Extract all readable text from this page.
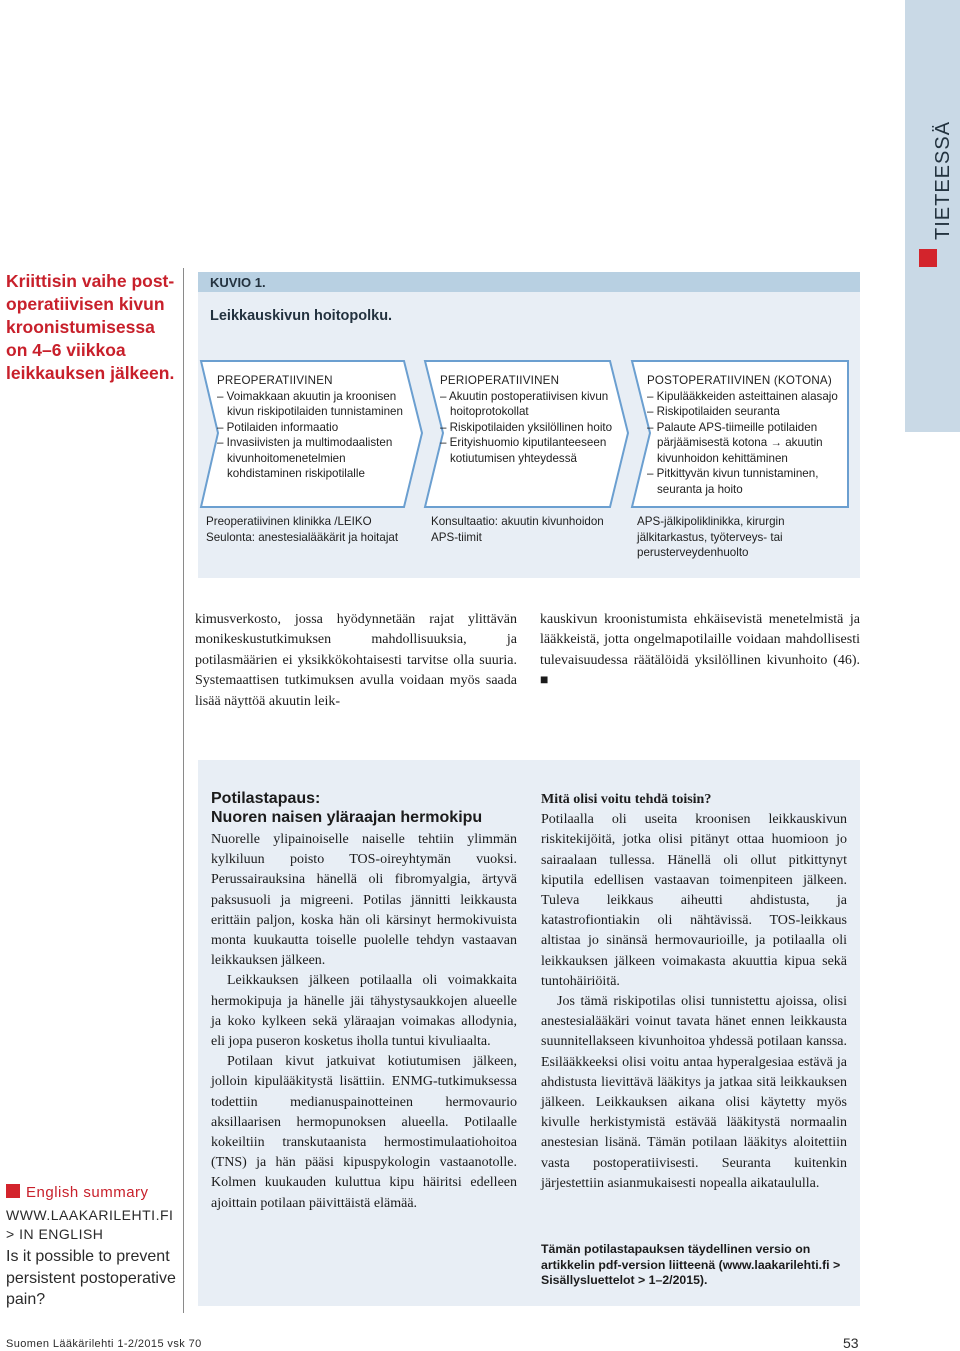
TIETEESSÄ
Kriittisin vaihe postoperatiivisen kivun kroonistumisessa on 4–6 viikkoa leikkauksen jälkeen.
KUVIO 1.
Leikkauskivun hoitopolku.
PREOPERATIIVINEN
– Voimakkaan akuutin ja kroonisen kivun riskipotilaiden tunnistaminen
– Potilaiden informaatio
– Invasiivisten ja multimodaalisten kivunhoitomenetelmien kohdistaminen riskipotilalle
Preoperatiivinen klinikka /LEIKO
Seulonta: anestesialääkärit ja hoitajat
PERIOPERATIIVINEN
– Akuutin postoperatiivisen kivun hoitoprotokollat
– Riskipotilaiden yksilöllinen hoito
– Erityishuomio kiputilanteeseen kotiutumisen yhteydessä
Konsultaatio: akuutin kivunhoidon
APS-tiimit
POSTOPERATIIVINEN (KOTONA)
– Kipulääkkeiden asteittainen alasajo
– Riskipotilaiden seuranta
– Palaute APS-tiimeille potilaiden pärjäämisestä kotona → akuutin kivunhoidon kehittäminen
– Pitkittyvän kivun tunnistaminen, seuranta ja hoito
APS-jälkipoliklinikka, kirurgin jälkitarkastus, työterveys- tai perusterveydenhuolto
kimusverkosto, jossa hyödynnetään rajat ylittävän monikeskustutkimuksen mahdollisuuksia, ja potilasmäärien ei yksikkökohtaisesti tarvitse olla suuria. Systemaattisen tutkimuksen avulla voidaan myös saada lisää näyttöä akuutin leik-
kauskivun kroonistumista ehkäisevistä menetelmistä ja lääkkeistä, jotta ongelmapotilaille voidaan mahdollisesti tulevaisuudessa räätälöidä yksilöllinen kivunhoito (46). ■
English summary
WWW.LAAKARILEHTI.FI
> IN ENGLISH
Is it possible to prevent persistent postoperative pain?
Potilastapaus:
Nuoren naisen yläraajan hermokipu

Nuorelle ylipainoiselle naiselle tehtiin ylimmän kylkiluun poisto TOS-oireyhtymän vuoksi. Perussairauksina hänellä oli fibromyalgia, ärtyvä paksusuoli ja migreeni. Potilas jännitti leikkausta erittäin paljon, koska hän oli kärsinyt hermokivuista monta kuukautta toiselle puolelle tehdyn vastaavan leikkauksen jälkeen.

Leikkauksen jälkeen potilaalla oli voimakkaita hermokipuja ja hänelle jäi tähystysaukkojen alueelle ja koko kylkeen sekä yläraajan voimakas allodynia, eli jopa puseron kosketus iholla tuntui kivuliaalta.

Potilaan kivut jatkuivat kotiutumisen jälkeen, jolloin kipulääkitystä lisättiin. ENMG-tutkimuksessa todettiin medianuspainotteinen hermovaurio aksillaarisen hermopunoksen alueella. Potilaalle kokeiltiin transkutaanista hermostimulaatiohoitoa (TNS) ja hän pääsi kipuspykologin vastaanotolle. Kolmen kuukauden kuluttua kipu häiritsi edelleen ajoittain potilaan päivittäistä elämää.

Mitä olisi voitu tehdä toisin?

Potilaalla oli useita kroonisen leikkauskivun riskitekijöitä, jotka olisi pitänyt ottaa huomioon jo sairaalaan tullessa. Hänellä oli ollut pitkittynyt kiputila edellisen vastaavan toimenpiteen jälkeen. Tuleva leikkaus aiheutti ahdistusta, ja katastrofiontiakin oli nähtävissä. TOS-leikkaus altistaa jo sinänsä hermovaurioille, ja potilaalla oli leikkauksen jälkeen voimakasta akuuttia kipua sekä tuntohäiriöitä.

Jos tämä riskipotilas olisi tunnistettu ajoissa, olisi anestesialääkäri voinut tavata hänet ennen leikkausta suunnitellakseen kivunhoitoa yhdessä potilaan kanssa. Esilääkkeeksi olisi voitu antaa hyperalgesiaa estävä ja ahdistusta lievittävä lääkitys ja jatkaa sitä leikkauksen jälkeen. Leikkauksen aikana olisi käytetty myös kivulle herkistymistä estävää lääkitystä normaalin anestesian lisänä. Tämän potilaan lääkitys aloitettiin vasta postoperatiivisesti. Seuranta kuitenkin järjestettiin asianmukaisesti nopealla aikataululla.

Tämän potilastapauksen täydellinen versio on artikkelin pdf-version liitteenä (www.laakarilehti.fi > Sisällysluettelot > 1–2/2015).
Suomen Lääkärilehti 1-2/2015 vsk 70	53
